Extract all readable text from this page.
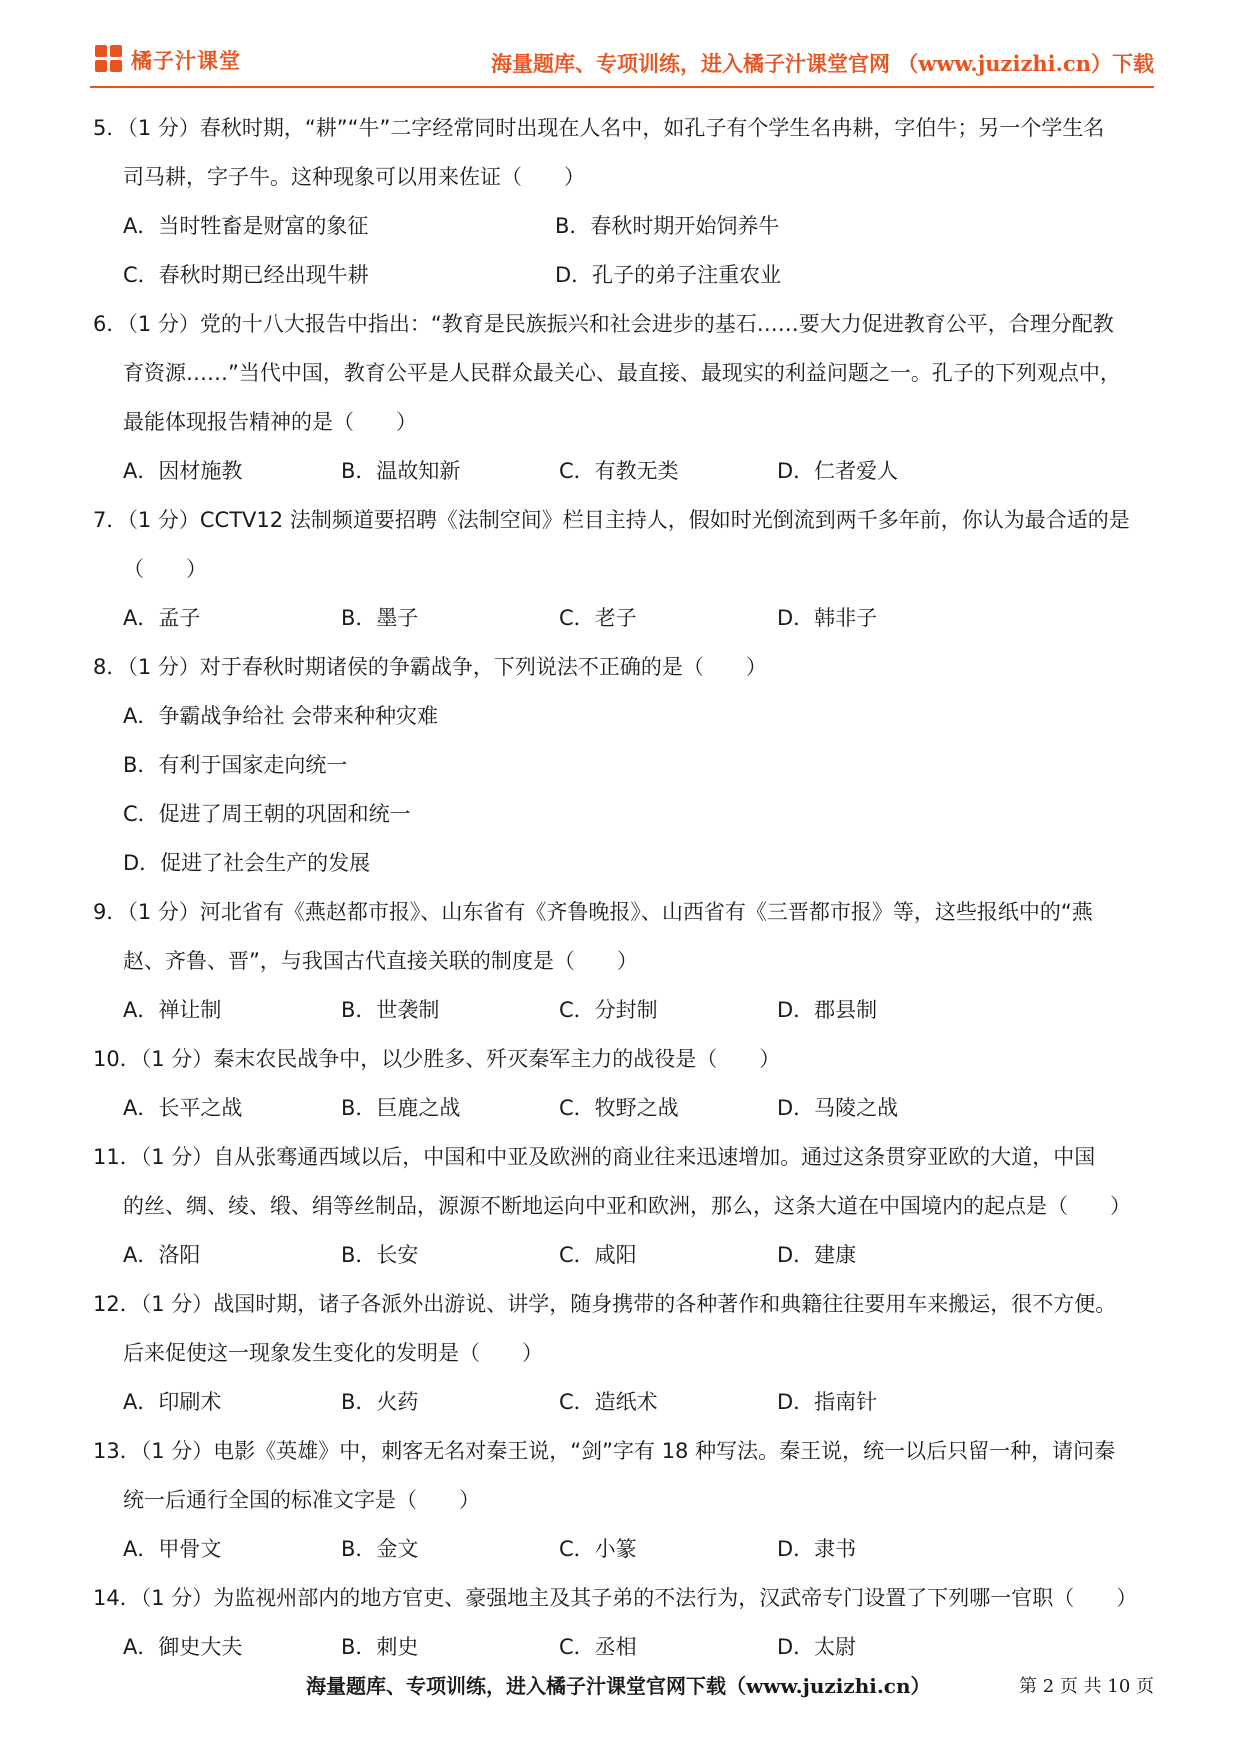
橘子汁课堂	海量题库、专项训练，进入橘子汁课堂官网 （www.juzizhi.cn）下载
5．（1 分）春秋时期，“耕”“牛”二字经常同时出现在人名中，如孔子有个学生名冉耕，字伯牛；另一个学生名
司马耕，字子牛。这种现象可以用来佐证（　　）
A．当时牲畜是财富的象征	B．春秋时期开始饲养牛
C．春秋时期已经出现牛耕	D．孔子的弟子注重农业
6．（1 分）党的十八大报告中指出：“教育是民族振兴和社会进步的基石……要大力促进教育公平，合理分配教
育资源……”当代中国，教育公平是人民群众最关心、最直接、最现实的利益问题之一。孔子的下列观点中，
最能体现报告精神的是（　　）
A．因材施教	B．温故知新	C．有教无类	D．仁者爱人
7．（1 分）CCTV12 法制频道要招聘《法制空间》栏目主持人，假如时光倒流到两千多年前，你认为最合适的是
（　　）
A．孟子	B．墨子	C．老子	D．韩非子
8．（1 分）对于春秋时期诸侯的争霸战争，下列说法不正确的是（　　）
A．争霸战争给社 会带来种种灾难
B．有利于国家走向统一
C．促进了周王朝的巩固和统一
D．促进了社会生产的发展
9．（1 分）河北省有《燕赵都市报》、山东省有《齐鲁晚报》、山西省有《三晋都市报》等，这些报纸中的“燕
赵、齐鲁、晋”，与我国古代直接关联的制度是（　　）
A．禅让制	B．世袭制	C．分封制	D．郡县制
10．（1 分）秦末农民战争中，以少胜多、歼灭秦军主力的战役是（　　）
A．长平之战	B．巨鹿之战	C．牧野之战	D．马陵之战
11．（1 分）自从张骞通西域以后，中国和中亚及欧洲的商业往来迅速增加。通过这条贯穿亚欧的大道，中国
的丝、绸、绫、缎、绢等丝制品，源源不断地运向中亚和欧洲，那么，这条大道在中国境内的起点是（　　）
A．洛阳	B．长安	C．咸阳	D．建康
12．（1 分）战国时期，诸子各派外出游说、讲学，随身携带的各种著作和典籍往往要用车来搬运，很不方便。
后来促使这一现象发生变化的发明是（　　）
A．印刷术	B．火药	C．造纸术	D．指南针
13．（1 分）电影《英雄》中，刺客无名对秦王说，“剑”字有 18 种写法。秦王说，统一以后只留一种，请问秦
统一后通行全国的标准文字是（　　）
A．甲骨文	B．金文	C．小篆	D．隶书
14．（1 分）为监视州部内的地方官吏、豪强地主及其子弟的不法行为，汉武帝专门设置了下列哪一官职（　　）
A．御史大夫	B．刺史	C．丞相	D．太尉
海量题库、专项训练，进入橘子汁课堂官网下载（www.juzizhi.cn）	第 2 页 共 10 页
